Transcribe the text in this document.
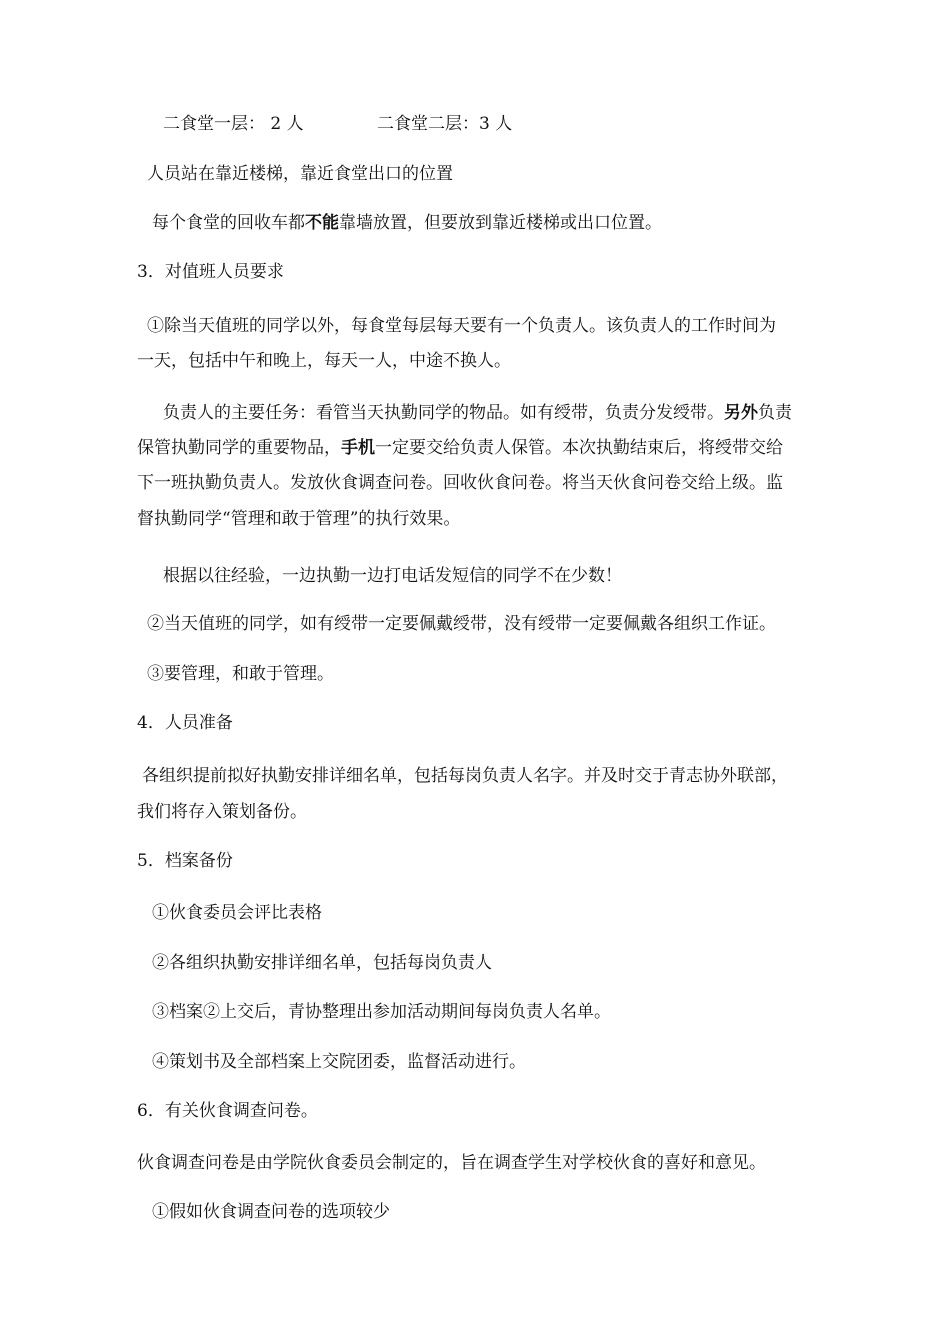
二食堂一层： 2 人	二食堂二层：3 人

人员站在靠近楼梯，靠近食堂出口的位置

每个食堂的回收车都不能靠墙放置，但要放到靠近楼梯或出口位置。

3．对值班人员要求

①除当天值班的同学以外，每食堂每层每天要有一个负责人。该负责人的工作时间为

一天，包括中午和晚上，每天一人，中途不换人。

负责人的主要任务：看管当天执勤同学的物品。如有绶带，负责分发绶带。另外负责

保管执勤同学的重要物品，手机一定要交给负责人保管。本次执勤结束后，将绶带交给

下一班执勤负责人。发放伙食调查问卷。回收伙食问卷。将当天伙食问卷交给上级。监

督执勤同学“管理和敢于管理”的执行效果。

根据以往经验，一边执勤一边打电话发短信的同学不在少数！

②当天值班的同学，如有绶带一定要佩戴绶带，没有绶带一定要佩戴各组织工作证。

③要管理，和敢于管理。

4．人员准备

各组织提前拟好执勤安排详细名单，包括每岗负责人名字。并及时交于青志协外联部，

我们将存入策划备份。

5．档案备份

①伙食委员会评比表格

②各组织执勤安排详细名单，包括每岗负责人

③档案②上交后，青协整理出参加活动期间每岗负责人名单。

④策划书及全部档案上交院团委，监督活动进行。

6．有关伙食调查问卷。

伙食调查问卷是由学院伙食委员会制定的，旨在调查学生对学校伙食的喜好和意见。

①假如伙食调查问卷的选项较少
